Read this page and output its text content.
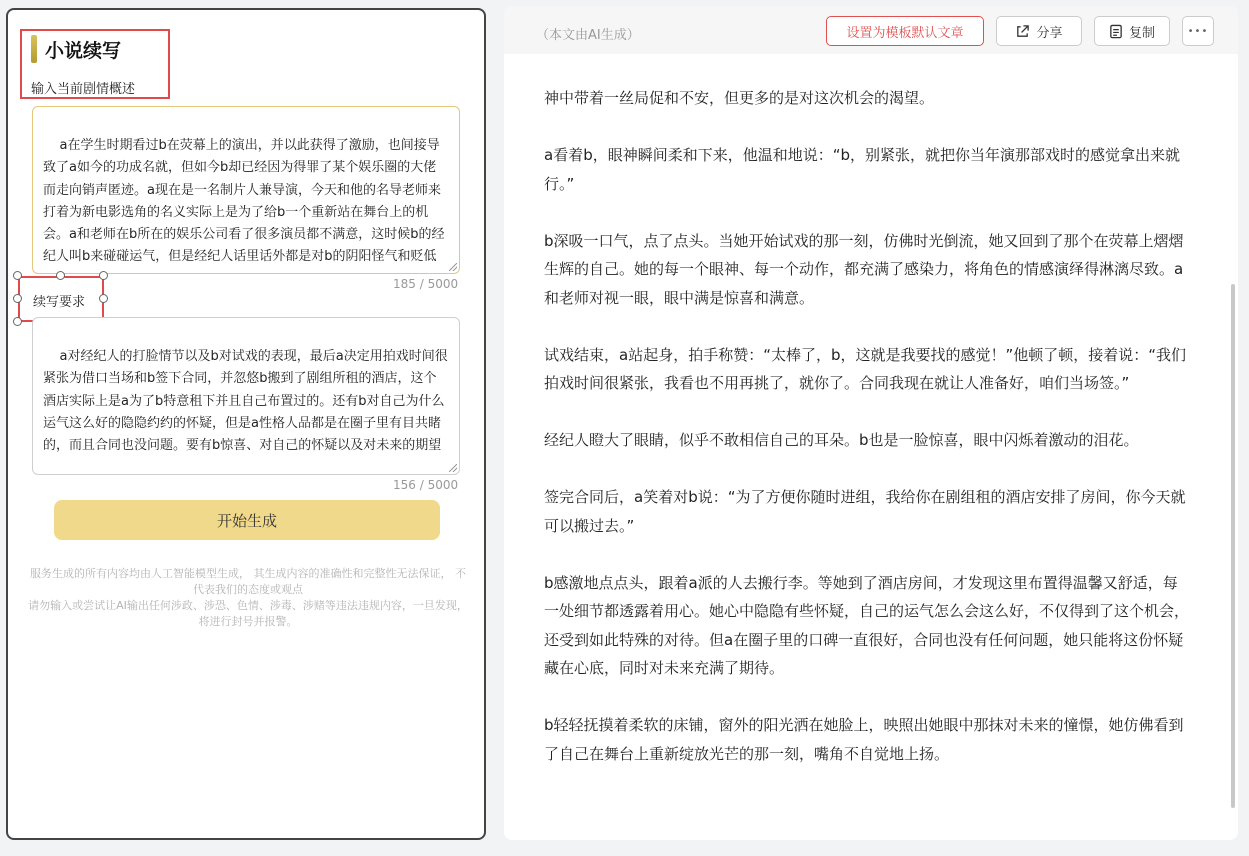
小说续写
输入当前剧情概述

a在学生时期看过b在荧幕上的演出，并以此获得了激励，也间接导致了a如今的功成名就，但如今b却已经因为得罪了某个娱乐圈的大佬而走向销声匿迹。a现在是一名制片人兼导演，今天和他的名导老师来打着为新电影选角的名义实际上是为了给b一个重新站在舞台上的机会。a和老师在b所在的娱乐公司看了很多演员都不满意，这时候b的经纪人叫b来碰碰运气，但是经纪人话里话外都是对b的阴阳怪气和贬低

185 / 5000
续写要求

a对经纪人的打脸情节以及b对试戏的表现，最后a决定用拍戏时间很紧张为借口当场和b签下合同，并忽悠b搬到了剧组所租的酒店，这个酒店实际上是a为了b特意租下并且自己布置过的。还有b对自己为什么运气这么好的隐隐约约的怀疑，但是a性格人品都是在圈子里有目共睹的，而且合同也没问题。要有b惊喜、对自己的怀疑以及对未来的期望

156 / 5000
开始生成
服务生成的所有内容均由人工智能模型生成， 其生成内容的准确性和完整性无法保证， 不代表我们的态度或观点
请勿输入或尝试让AI输出任何涉政、涉恐、色情、涉毒、涉赌等违法违规内容，一旦发现，将进行封号并报警。
（本文由AI生成）	设置为模板默认文章	分享	复制	•••

神中带着一丝局促和不安，但更多的是对这次机会的渴望。

a看着b，眼神瞬间柔和下来，他温和地说：“b，别紧张，就把你当年演那部戏时的感觉拿出来就行。”

b深吸一口气，点了点头。当她开始试戏的那一刻，仿佛时光倒流，她又回到了那个在荧幕上熠熠生辉的自己。她的每一个眼神、每一个动作，都充满了感染力，将角色的情感演绎得淋漓尽致。a和老师对视一眼，眼中满是惊喜和满意。

试戏结束，a站起身，拍手称赞：“太棒了，b，这就是我要找的感觉！”他顿了顿，接着说：“我们拍戏时间很紧张，我看也不用再挑了，就你了。合同我现在就让人准备好，咱们当场签。”

经纪人瞪大了眼睛，似乎不敢相信自己的耳朵。b也是一脸惊喜，眼中闪烁着激动的泪花。

签完合同后，a笑着对b说：“为了方便你随时进组，我给你在剧组租的酒店安排了房间，你今天就可以搬过去。”

b感激地点点头，跟着a派的人去搬行李。等她到了酒店房间，才发现这里布置得温馨又舒适，每一处细节都透露着用心。她心中隐隐有些怀疑，自己的运气怎么会这么好，不仅得到了这个机会，还受到如此特殊的对待。但a在圈子里的口碑一直很好，合同也没有任何问题，她只能将这份怀疑藏在心底，同时对未来充满了期待。

b轻轻抚摸着柔软的床铺，窗外的阳光洒在她脸上，映照出她眼中那抹对未来的憧憬，她仿佛看到了自己在舞台上重新绽放光芒的那一刻，嘴角不自觉地上扬。
